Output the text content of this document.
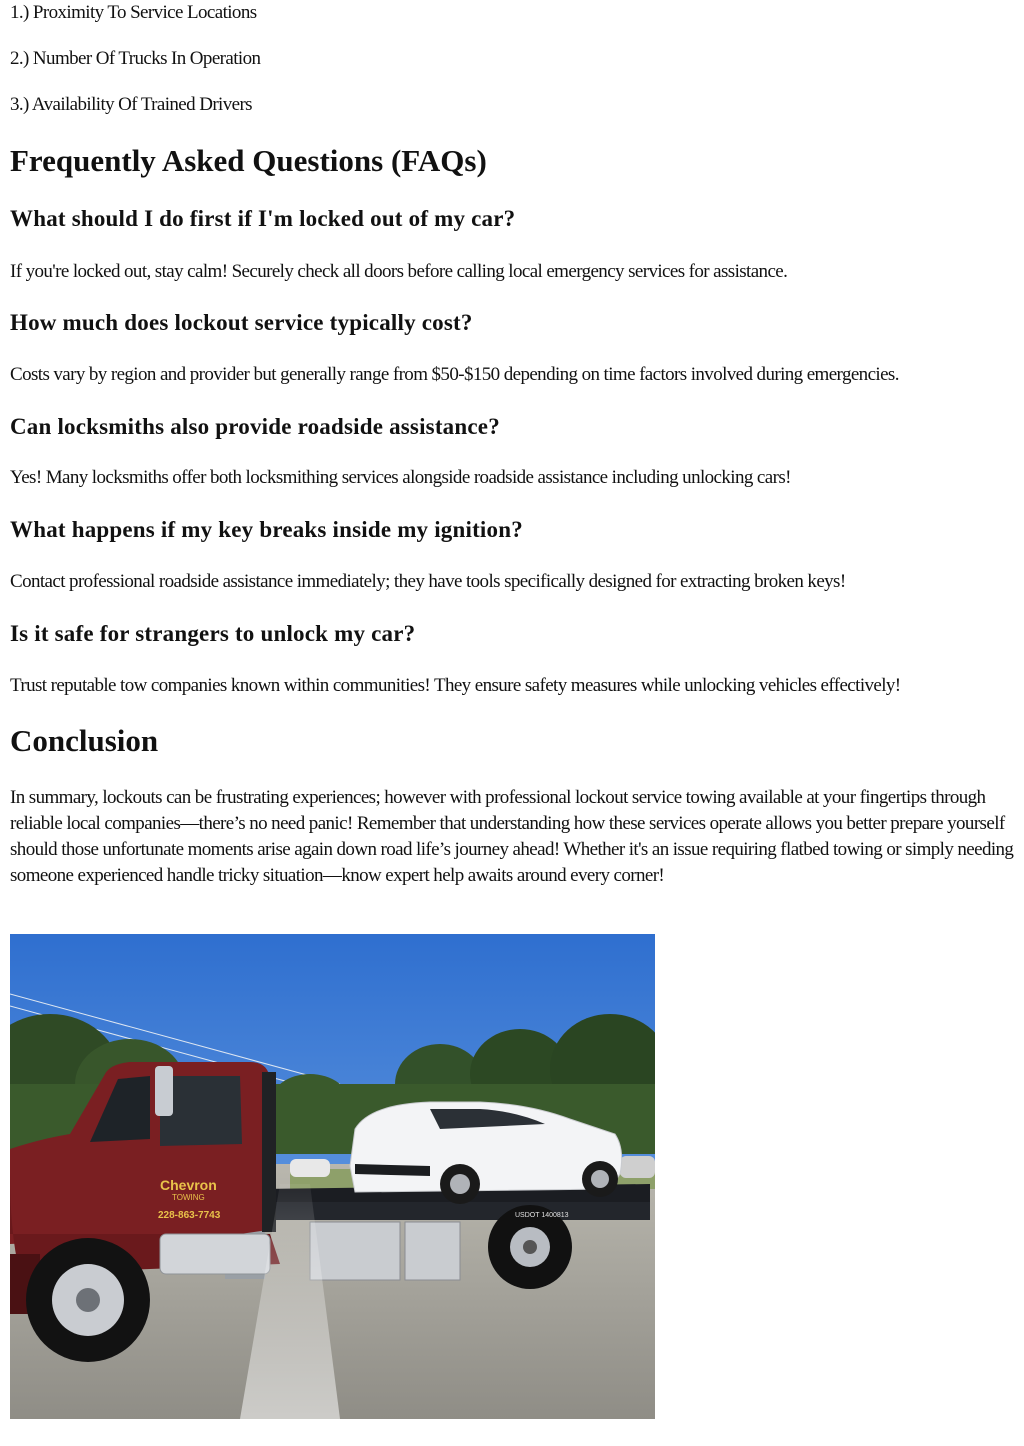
1.) Proximity To Service Locations

2.) Number Of Trucks In Operation

3.) Availability Of Trained Drivers

Frequently Asked Questions (FAQs)
What should I do first if I'm locked out of my car?

If you're locked out, stay calm! Securely check all doors before calling local emergency services for assistance.

How much does lockout service typically cost?

Costs vary by region and provider but generally range from $50-$150 depending on time factors involved during emergencies.

Can locksmiths also provide roadside assistance?

Yes! Many locksmiths offer both locksmithing services alongside roadside assistance including unlocking cars!

What happens if my key breaks inside my ignition?

Contact professional roadside assistance immediately; they have tools specifically designed for extracting broken keys!

Is it safe for strangers to unlock my car?

Trust reputable tow companies known within communities! They ensure safety measures while unlocking vehicles effectively!

Conclusion

In summary, lockouts can be frustrating experiences; however with professional lockout service towing available at your fingertips through reliable local companies—there’s no need panic! Remember that understanding how these services operate allows you better prepare yourself should those unfortunate moments arise again down road life’s journey ahead! Whether it's an issue requiring flatbed towing or simply needing someone experienced handle tricky situation—know expert help awaits around every corner!

USDOT 1400813
Chevron
TOWING
228-863-7743
